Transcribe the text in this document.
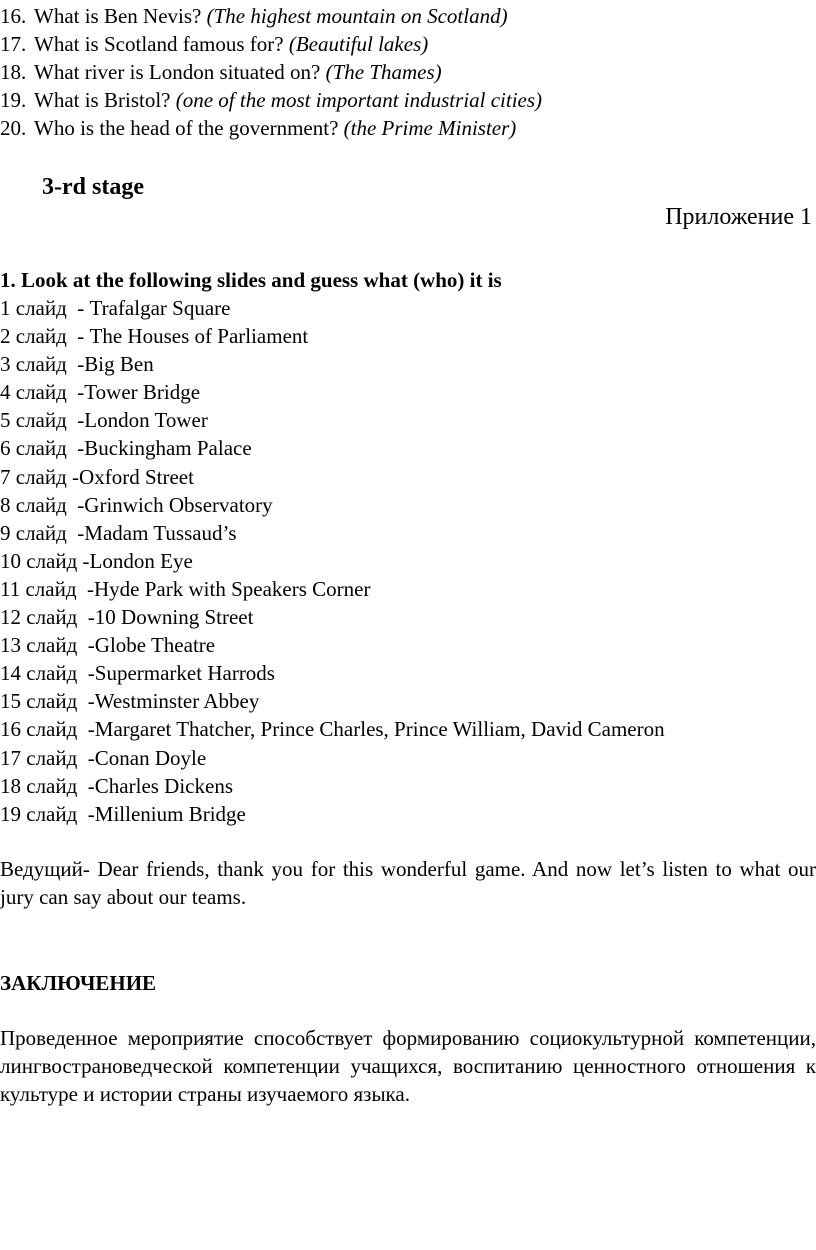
16. What is Ben Nevis? (The highest mountain on Scotland)
17. What is Scotland famous for? (Beautiful lakes)
18. What river is London situated on? (The Thames)
19. What is Bristol? (one of the most important industrial cities)
20. Who is the head of the government? (the Prime Minister)
3-rd stage
Приложение 1
1. Look at the following slides and guess what (who) it is
1 слайд  - Trafalgar Square
2 слайд  - The Houses of Parliament
3 слайд  -Big Ben
4 слайд  -Tower Bridge
5 слайд  -London Tower
6 слайд  -Buckingham Palace
7 слайд -Oxford Street
8 слайд  -Grinwich Observatory
9 слайд  -Madam Tussaud’s
10 слайд -London Eye
11 слайд  -Hyde Park with Speakers Corner
12 слайд  -10 Downing Street
13 слайд  -Globe Theatre
14 слайд  -Supermarket Harrods
15 слайд  -Westminster Abbey
16 слайд  -Margaret Thatcher, Prince Charles, Prince William, David Cameron
17 слайд  -Conan Doyle
18 слайд  -Charles Dickens
19 слайд  -Millenium Bridge
Ведущий- Dear friends, thank you for this wonderful game. And now let’s listen to what our jury can say about our teams.
ЗАКЛЮЧЕНИЕ
Проведенное мероприятие способствует формированию социокультурной компетенции, лингвострановедческой компетенции учащихся, воспитанию ценностного отношения к культуре и истории страны изучаемого языка.
